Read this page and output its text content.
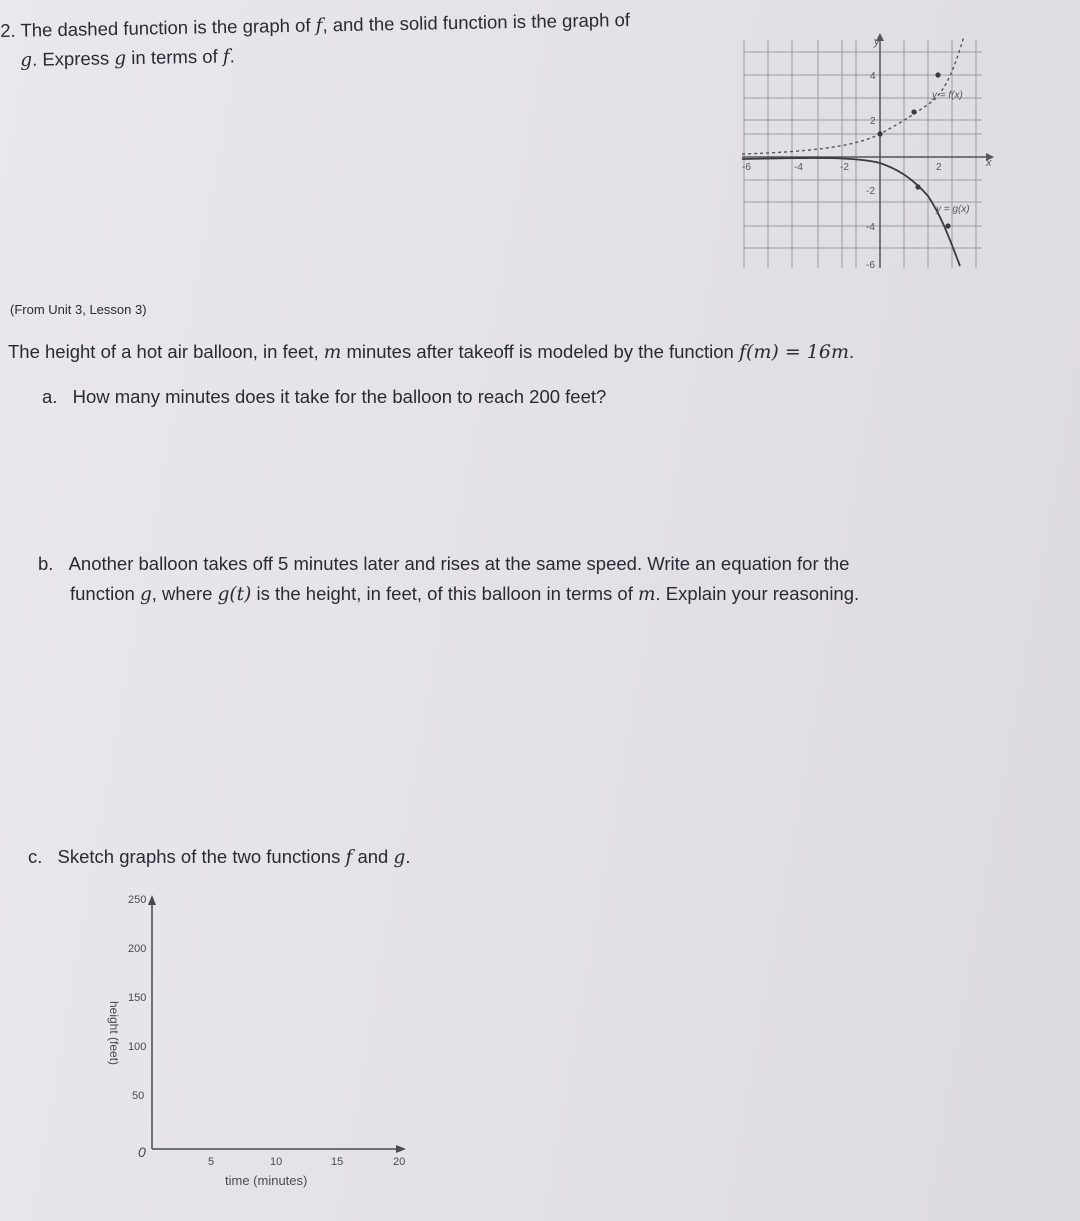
2. The dashed function is the graph of f, and the solid function is the graph of
g. Express g in terms of f.
y
x
-6	-4	-2	2
4
2
-2
-4
-6
y = f(x)
y = g(x)
(From Unit 3, Lesson 3)
The height of a hot air balloon, in feet, m minutes after takeoff is modeled by the function f(m) = 16m.
a. How many minutes does it take for the balloon to reach 200 feet?
b. Another balloon takes off 5 minutes later and rises at the same speed. Write an equation for the
function g, where g(t) is the height, in feet, of this balloon in terms of m. Explain your reasoning.
c. Sketch graphs of the two functions f and g.
250
200
150
100
50
0
5	10	15	20
time (minutes)
height (feet)
